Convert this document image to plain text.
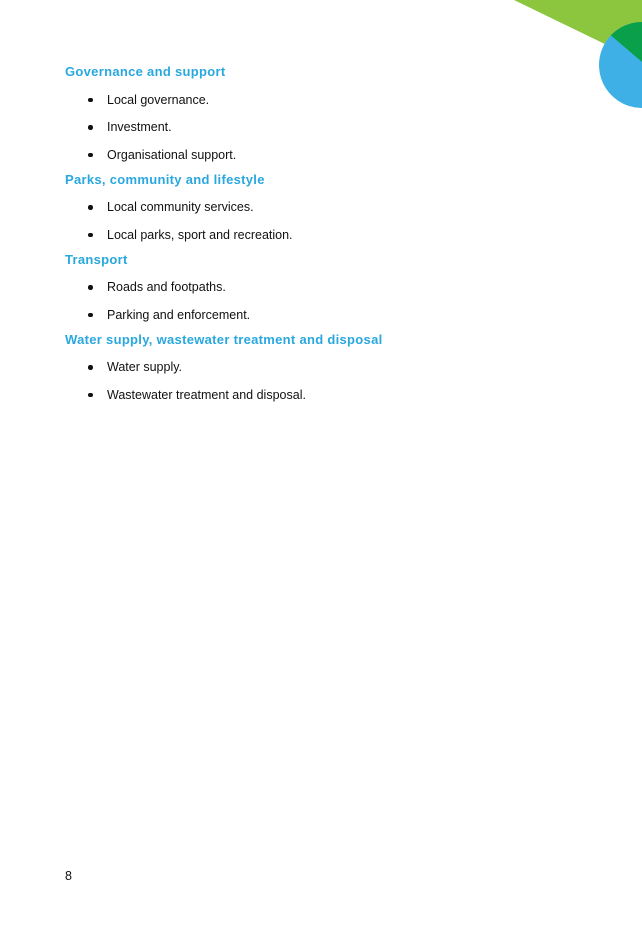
Governance and support
Local governance.
Investment.
Organisational support.
Parks, community and lifestyle
Local community services.
Local parks, sport and recreation.
Transport
Roads and footpaths.
Parking and enforcement.
Water supply, wastewater treatment and disposal
Water supply.
Wastewater treatment and disposal.
8
